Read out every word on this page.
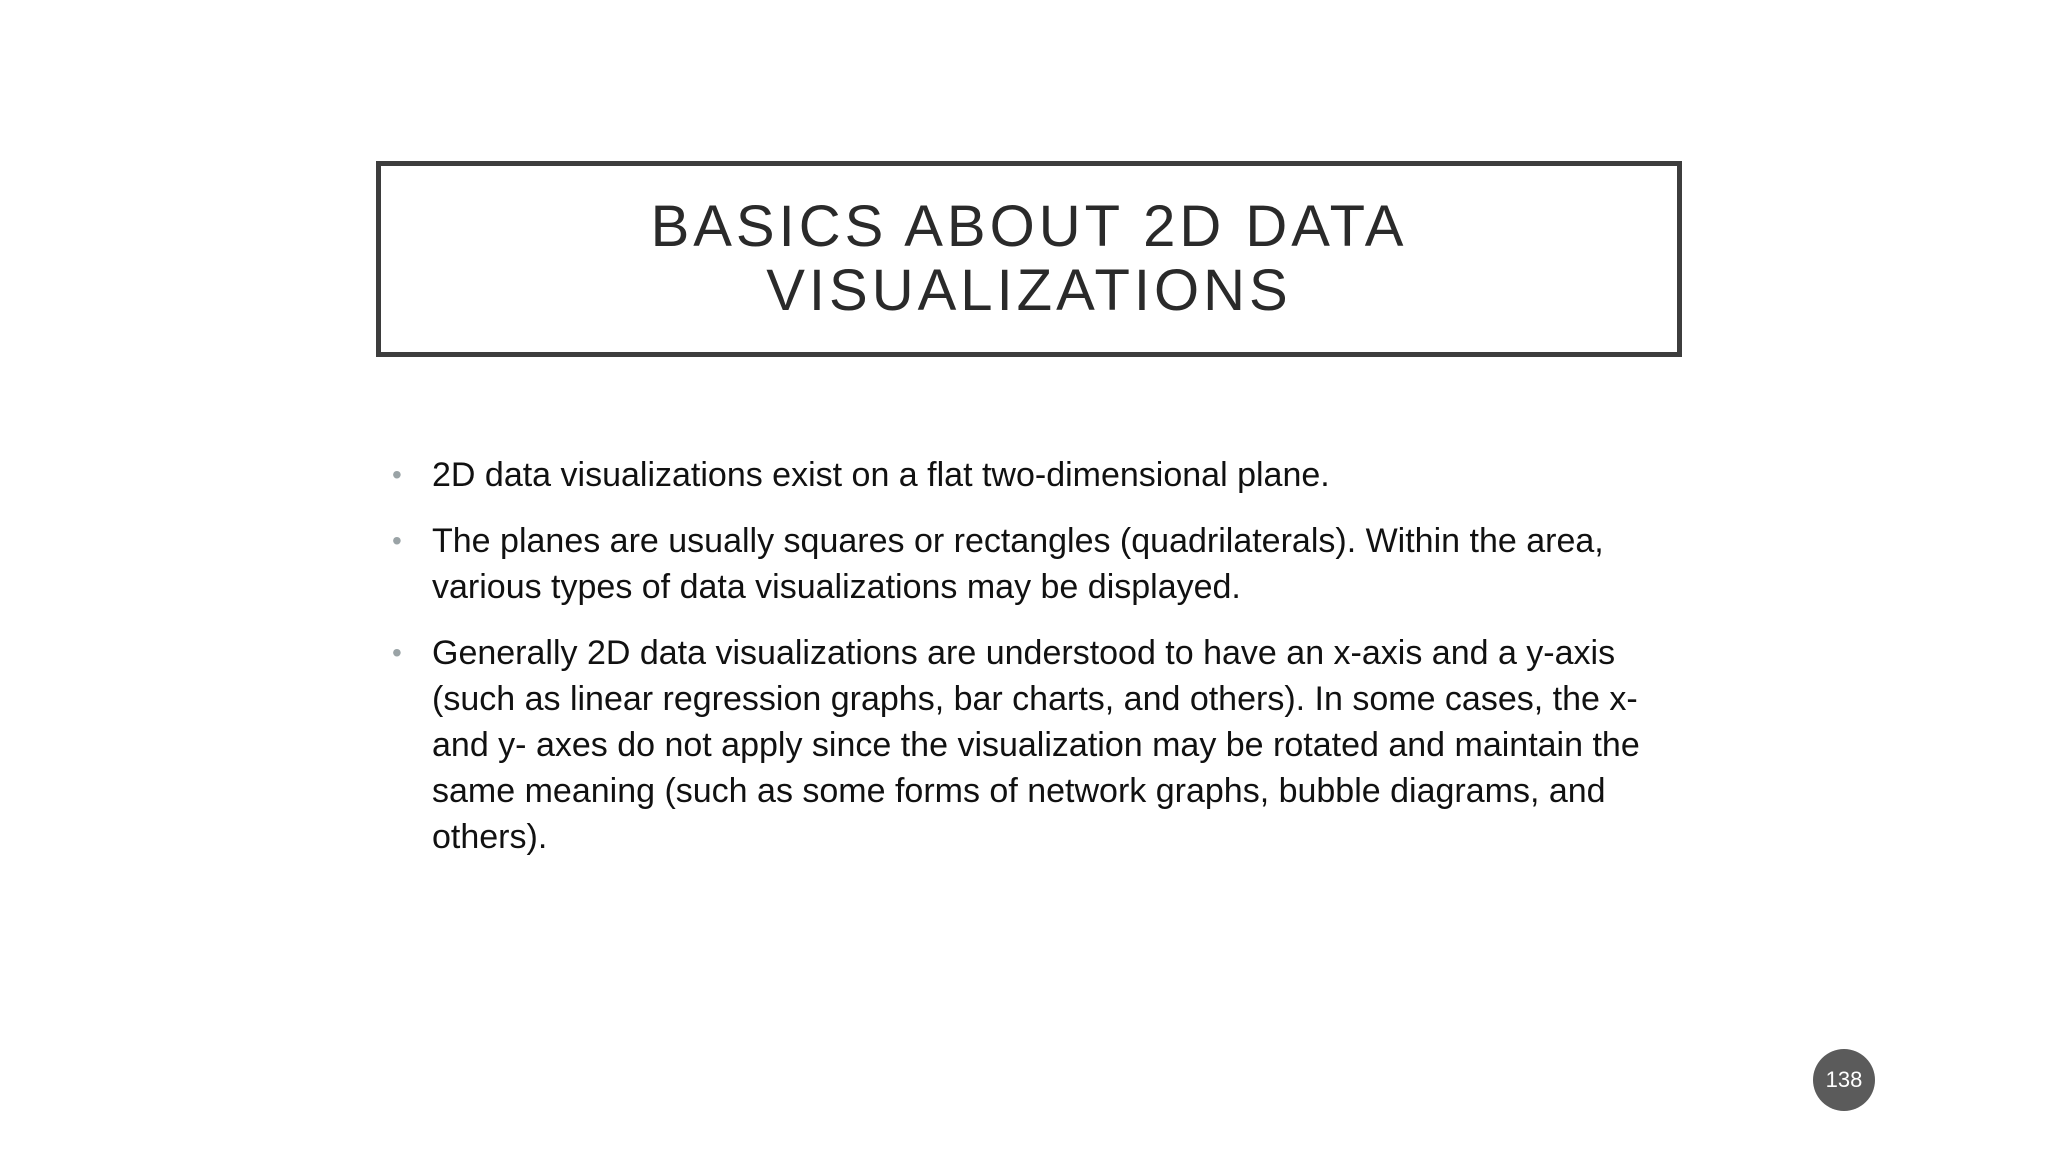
BASICS ABOUT 2D DATA
VISUALIZATIONS
• 2D data visualizations exist on a flat two-dimensional plane.
• The planes are usually squares or rectangles (quadrilaterals). Within the area, various types of data visualizations may be displayed.
• Generally 2D data visualizations are understood to have an x-axis and a y-axis (such as linear regression graphs, bar charts, and others). In some cases, the x- and y- axes do not apply since the visualization may be rotated and maintain the same meaning (such as some forms of network graphs, bubble diagrams, and others).
138
